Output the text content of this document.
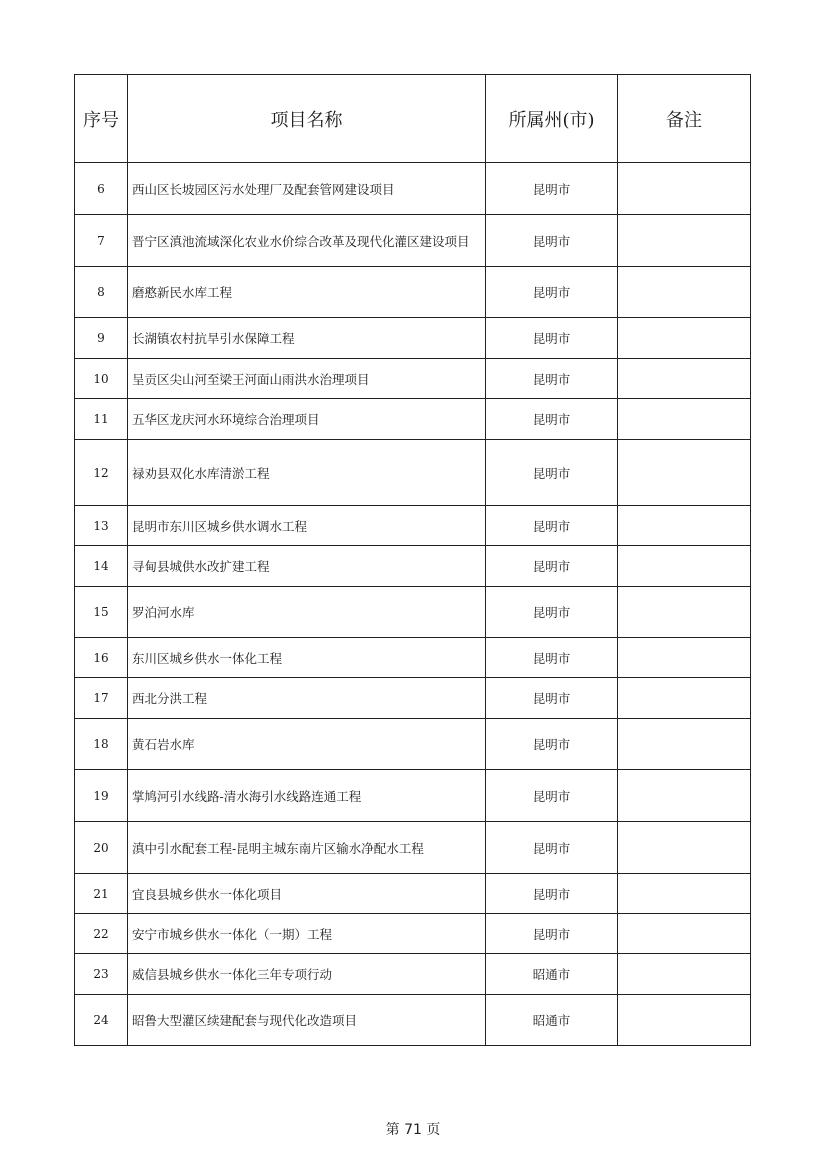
序号	项目名称	所属州(市)	备注
6	西山区长坡园区污水处理厂及配套管网建设项目	昆明市	
7	晋宁区滇池流域深化农业水价综合改革及现代化灌区建设项目	昆明市	
8	磨憨新民水库工程	昆明市	
9	长湖镇农村抗旱引水保障工程	昆明市	
10	呈贡区尖山河至梁王河面山雨洪水治理项目	昆明市	
11	五华区龙庆河水环境综合治理项目	昆明市	
12	禄劝县双化水库清淤工程	昆明市	
13	昆明市东川区城乡供水调水工程	昆明市	
14	寻甸县城供水改扩建工程	昆明市	
15	罗泊河水库	昆明市	
16	东川区城乡供水一体化工程	昆明市	
17	西北分洪工程	昆明市	
18	黄石岩水库	昆明市	
19	掌鸠河引水线路-清水海引水线路连通工程	昆明市	
20	滇中引水配套工程-昆明主城东南片区输水净配水工程	昆明市	
21	宜良县城乡供水一体化项目	昆明市	
22	安宁市城乡供水一体化（一期）工程	昆明市	
23	威信县城乡供水一体化三年专项行动	昭通市	
24	昭鲁大型灌区续建配套与现代化改造项目	昭通市	
第 71 页
